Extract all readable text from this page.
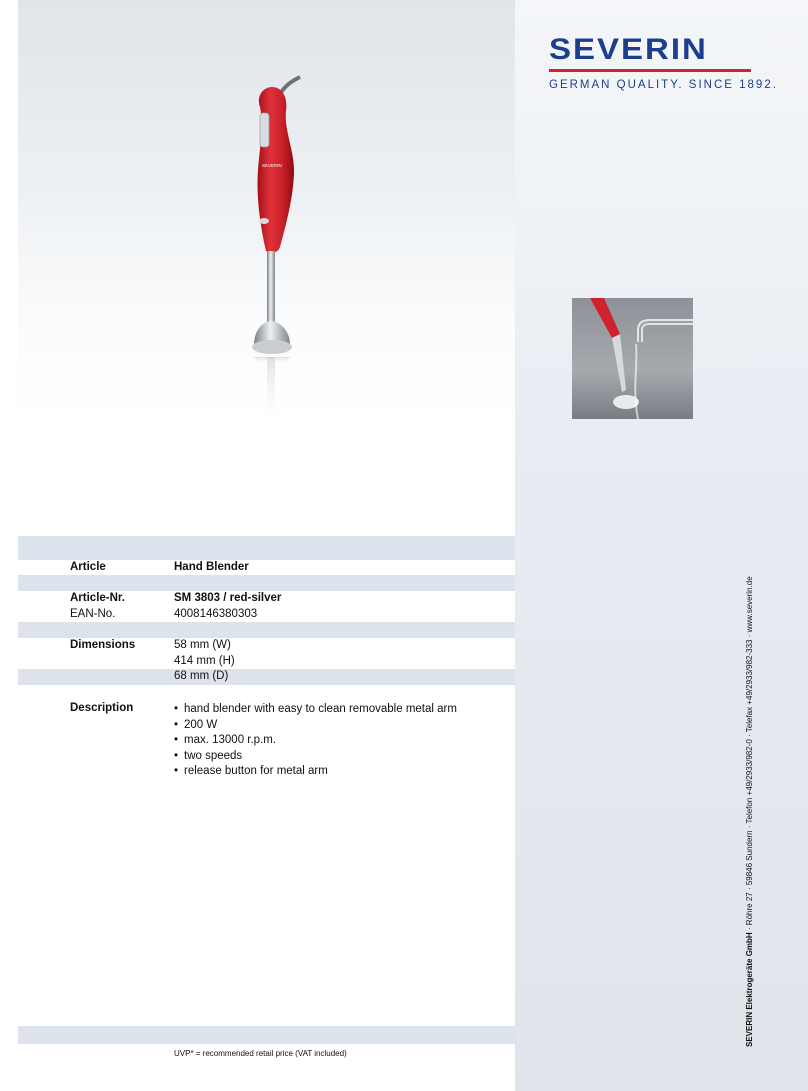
SEVERIN
GERMAN QUALITY. SINCE 1892.
SEVERIN
Article	Hand Blender
Article-Nr.	SM 3803 / red-silver
EAN-No.	4008146380303
Dimensions	58 mm (W)
414 mm (H)
68 mm (D)
Description	• hand blender with easy to clean removable metal arm
• 200 W
• max. 13000 r.p.m.
• two speeds
• release button for metal arm
UVP* = recommended retail price (VAT included)
SEVERIN Elektrogeräte GmbH · Röhre 27 · 59846 Sundern · Telefon +49/2933/982-0 · Telefax +49/2933/982-333 · www.severin.de
